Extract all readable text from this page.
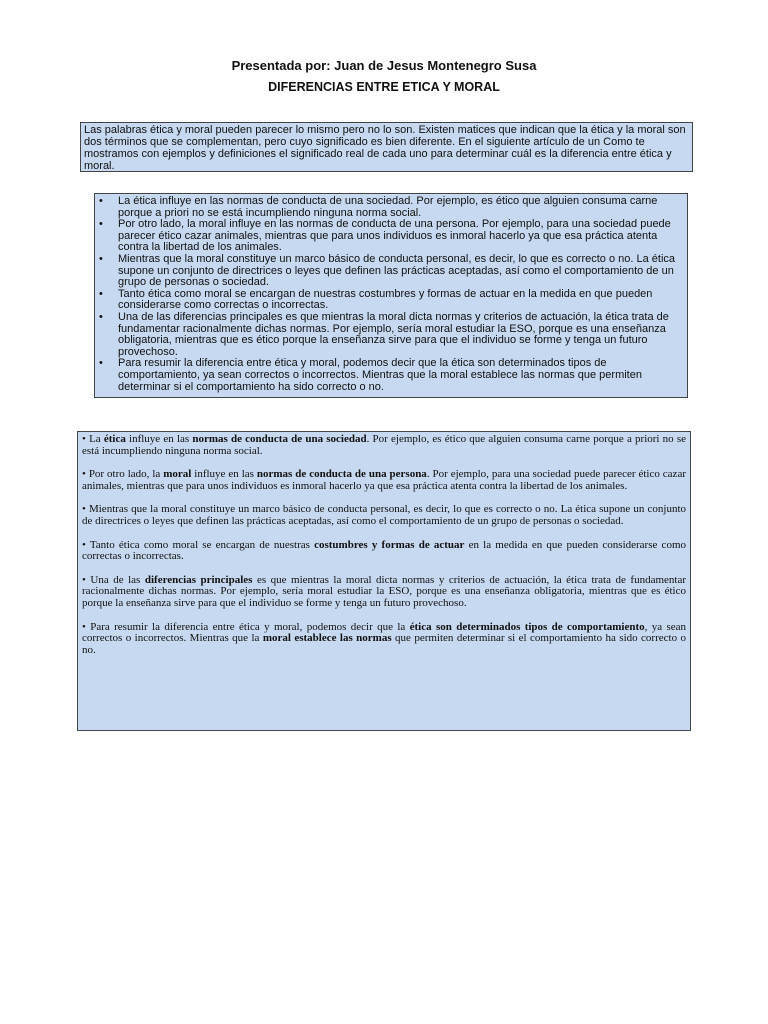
Presentada por: Juan de Jesus Montenegro Susa
DIFERENCIAS ENTRE ETICA Y MORAL
Las palabras ética y moral pueden parecer lo mismo pero no lo son. Existen matices que indican que la ética y la moral son dos términos que se complementan, pero cuyo significado es bien diferente. En el siguiente artículo de un Como te mostramos con ejemplos y definiciones el significado real de cada uno para determinar cuál es la diferencia entre ética y moral.
• La ética influye en las normas de conducta de una sociedad. Por ejemplo, es ético que alguien consuma carne porque a priori no se está incumpliendo ninguna norma social.
• Por otro lado, la moral influye en las normas de conducta de una persona. Por ejemplo, para una sociedad puede parecer ético cazar animales, mientras que para unos individuos es inmoral hacerlo ya que esa práctica atenta contra la libertad de los animales.
• Mientras que la moral constituye un marco básico de conducta personal, es decir, lo que es correcto o no. La ética supone un conjunto de directrices o leyes que definen las prácticas aceptadas, así como el comportamiento de un grupo de personas o sociedad.
• Tanto ética como moral se encargan de nuestras costumbres y formas de actuar en la medida en que pueden considerarse como correctas o incorrectas.
• Una de las diferencias principales es que mientras la moral dicta normas y criterios de actuación, la ética trata de fundamentar racionalmente dichas normas. Por ejemplo, sería moral estudiar la ESO, porque es una enseñanza obligatoria, mientras que es ético porque la enseñanza sirve para que el individuo se forme y tenga un futuro provechoso.
• Para resumir la diferencia entre ética y moral, podemos decir que la ética son determinados tipos de comportamiento, ya sean correctos o incorrectos. Mientras que la moral establece las normas que permiten determinar si el comportamiento ha sido correcto o no.

• La ética influye en las normas de conducta de una sociedad. Por ejemplo, es ético que alguien consuma carne porque a priori no se está incumpliendo ninguna norma social.

• Por otro lado, la moral influye en las normas de conducta de una persona. Por ejemplo, para una sociedad puede parecer ético cazar animales, mientras que para unos individuos es inmoral hacerlo ya que esa práctica atenta contra la libertad de los animales.

• Mientras que la moral constituye un marco básico de conducta personal, es decir, lo que es correcto o no. La ética supone un conjunto de directrices o leyes que definen las prácticas aceptadas, así como el comportamiento de un grupo de personas o sociedad.

• Tanto ética como moral se encargan de nuestras costumbres y formas de actuar en la medida en que pueden considerarse como correctas o incorrectas.

• Una de las diferencias principales es que mientras la moral dicta normas y criterios de actuación, la ética trata de fundamentar racionalmente dichas normas. Por ejemplo, sería moral estudiar la ESO, porque es una enseñanza obligatoria, mientras que es ético porque la enseñanza sirve para que el individuo se forme y tenga un futuro provechoso.

• Para resumir la diferencia entre ética y moral, podemos decir que la ética son determinados tipos de comportamiento, ya sean correctos o incorrectos. Mientras que la moral establece las normas que permiten determinar si el comportamiento ha sido correcto o no.
